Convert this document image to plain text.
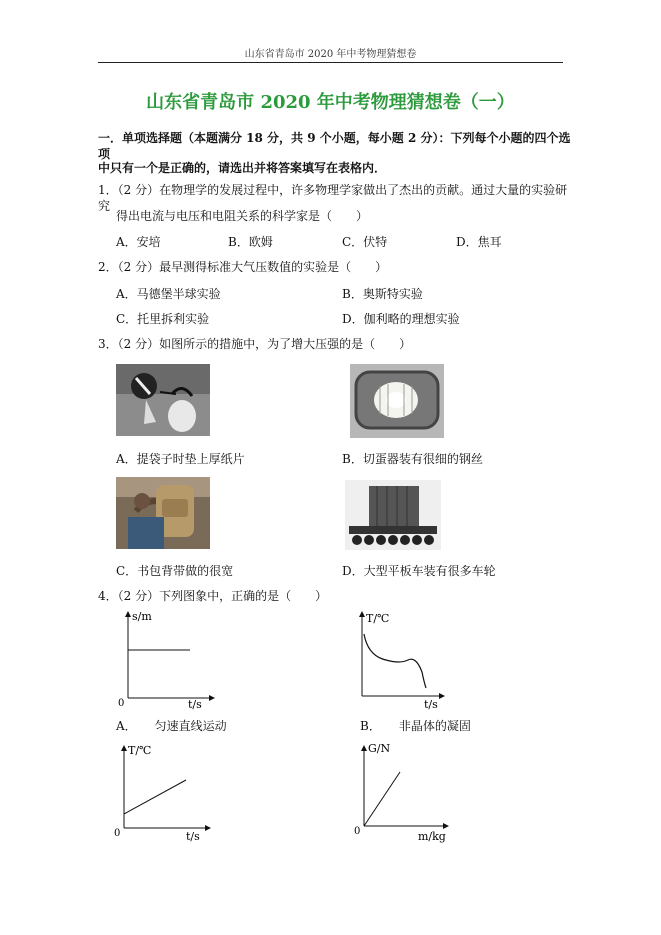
山东省青岛市 2020 年中考物理猜想卷
山东省青岛市 2020 年中考物理猜想卷（一）
一．单项选择题（本题满分 18 分，共 9 个小题，每小题 2 分）：下列每个小题的四个选项
中只有一个是正确的，请选出并将答案填写在表格内．
1．（2 分）在物理学的发展过程中，许多物理学家做出了杰出的贡献。通过大量的实验研究
得出电流与电压和电阻关系的科学家是（　　）
A．安培	B．欧姆	C．伏特	D．焦耳
2．（2 分）最早测得标准大气压数值的实验是（　　）
A．马德堡半球实验	B．奥斯特实验
C．托里拆利实验	D．伽利略的理想实验
3．（2 分）如图所示的措施中，为了增大压强的是（　　）
A．提袋子时垫上厚纸片	B．切蛋器装有很细的钢丝
C．书包背带做的很宽	D．大型平板车装有很多车轮
4．（2 分）下列图象中，正确的是（　　）
s/m
t/s
0
T/℃
t/s
A．　　匀速直线运动	B．　　非晶体的凝固
T/℃
t/s
0
G/N
m/kg
0
